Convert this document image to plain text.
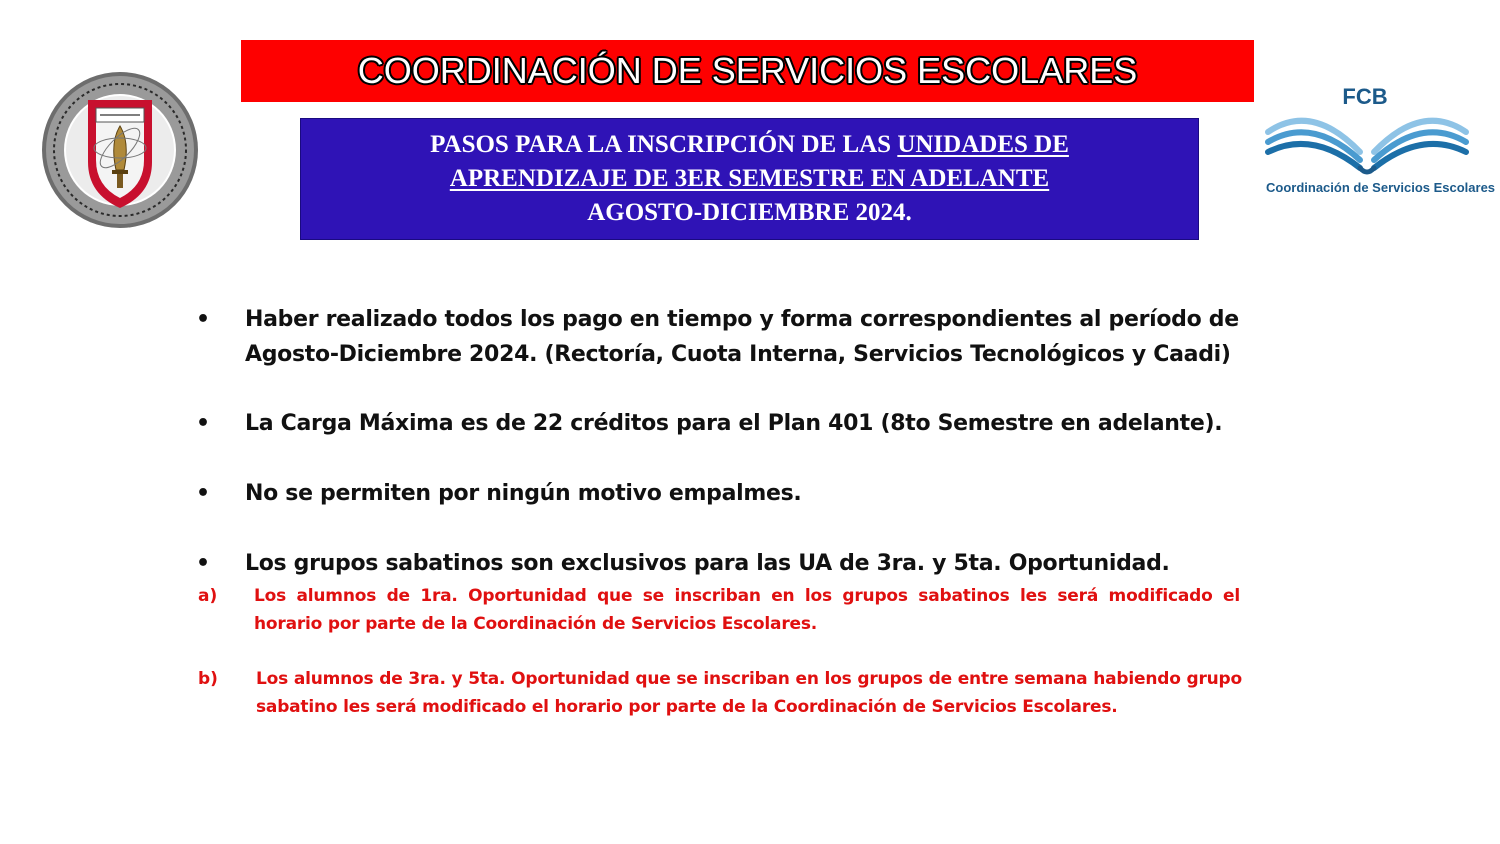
COORDINACIÓN DE SERVICIOS ESCOLARES
PASOS PARA LA INSCRIPCIÓN DE LAS UNIDADES DE
APRENDIZAJE DE 3ER SEMESTRE EN ADELANTE
AGOSTO-DICIEMBRE 2024.
FCB
Coordinación de Servicios Escolares
• Haber realizado todos los pago en tiempo y forma correspondientes al período de
Agosto-Diciembre 2024. (Rectoría, Cuota Interna, Servicios Tecnológicos y Caadi)
• La Carga Máxima es de 22 créditos para el Plan 401 (8to Semestre en adelante).
• No se permiten por ningún motivo empalmes.
• Los grupos sabatinos son exclusivos para las UA de 3ra. y 5ta. Oportunidad.
a) Los alumnos de 1ra. Oportunidad que se inscriban en los grupos sabatinos les será modificado el horario por parte de la Coordinación de Servicios Escolares.
b) Los alumnos de 3ra. y 5ta. Oportunidad que se inscriban en los grupos de entre semana habiendo grupo sabatino les será modificado el horario por parte de la Coordinación de Servicios Escolares.
